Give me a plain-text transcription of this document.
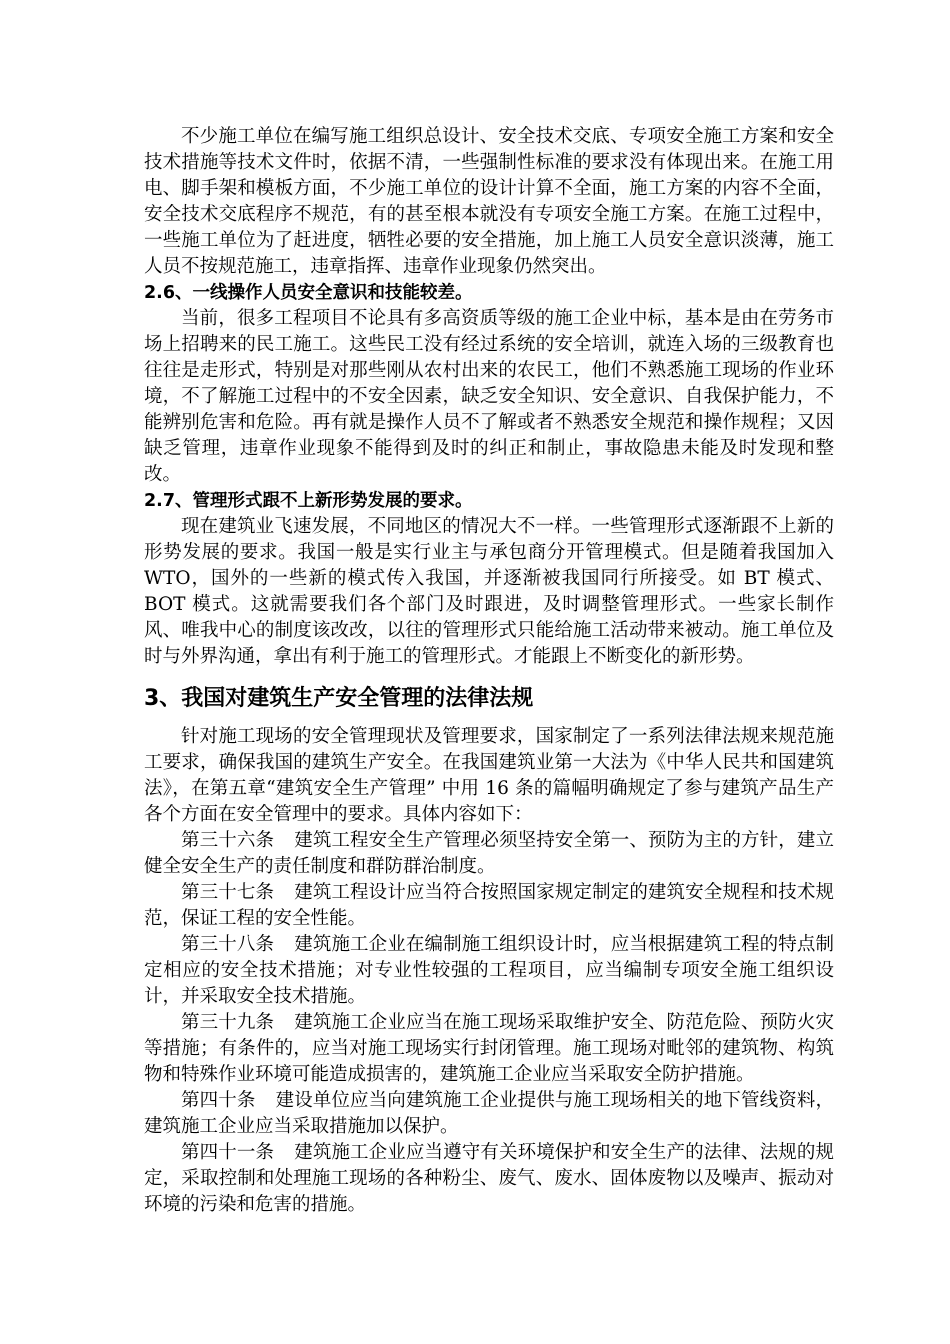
不少施工单位在编写施工组织总设计、安全技术交底、专项安全施工方案和安全技术措施等技术文件时，依据不清，一些强制性标准的要求没有体现出来。在施工用电、脚手架和模板方面，不少施工单位的设计计算不全面，施工方案的内容不全面，安全技术交底程序不规范，有的甚至根本就没有专项安全施工方案。在施工过程中，一些施工单位为了赶进度，牺牲必要的安全措施，加上施工人员安全意识淡薄，施工人员不按规范施工，违章指挥、违章作业现象仍然突出。

2.6、一线操作人员安全意识和技能较差。

当前，很多工程项目不论具有多高资质等级的施工企业中标，基本是由在劳务市场上招聘来的民工施工。这些民工没有经过系统的安全培训，就连入场的三级教育也往往是走形式，特别是对那些刚从农村出来的农民工，他们不熟悉施工现场的作业环境，不了解施工过程中的不安全因素，缺乏安全知识、安全意识、自我保护能力，不能辨别危害和危险。再有就是操作人员不了解或者不熟悉安全规范和操作规程；又因缺乏管理，违章作业现象不能得到及时的纠正和制止，事故隐患未能及时发现和整改。

2.7、管理形式跟不上新形势发展的要求。

现在建筑业飞速发展，不同地区的情况大不一样。一些管理形式逐渐跟不上新的形势发展的要求。我国一般是实行业主与承包商分开管理模式。但是随着我国加入 WTO，国外的一些新的模式传入我国，并逐渐被我国同行所接受。如 BT 模式、BOT 模式。这就需要我们各个部门及时跟进，及时调整管理形式。一些家长制作风、唯我中心的制度该改改，以往的管理形式只能给施工活动带来被动。施工单位及时与外界沟通，拿出有利于施工的管理形式。才能跟上不断变化的新形势。

3、我国对建筑生产安全管理的法律法规

针对施工现场的安全管理现状及管理要求，国家制定了一系列法律法规来规范施工要求，确保我国的建筑生产安全。在我国建筑业第一大法为《中华人民共和国建筑法》，在第五章“建筑安全生产管理” 中用 16 条的篇幅明确规定了参与建筑产品生产各个方面在安全管理中的要求。具体内容如下：

第三十六条 建筑工程安全生产管理必须坚持安全第一、预防为主的方针，建立健全安全生产的责任制度和群防群治制度。

第三十七条 建筑工程设计应当符合按照国家规定制定的建筑安全规程和技术规范，保证工程的安全性能。

第三十八条 建筑施工企业在编制施工组织设计时，应当根据建筑工程的特点制定相应的安全技术措施；对专业性较强的工程项目，应当编制专项安全施工组织设计，并采取安全技术措施。

第三十九条 建筑施工企业应当在施工现场采取维护安全、防范危险、预防火灾等措施；有条件的，应当对施工现场实行封闭管理。施工现场对毗邻的建筑物、构筑物和特殊作业环境可能造成损害的，建筑施工企业应当采取安全防护措施。

第四十条 建设单位应当向建筑施工企业提供与施工现场相关的地下管线资料，建筑施工企业应当采取措施加以保护。

第四十一条 建筑施工企业应当遵守有关环境保护和安全生产的法律、法规的规定，采取控制和处理施工现场的各种粉尘、废气、废水、固体废物以及噪声、振动对环境的污染和危害的措施。
